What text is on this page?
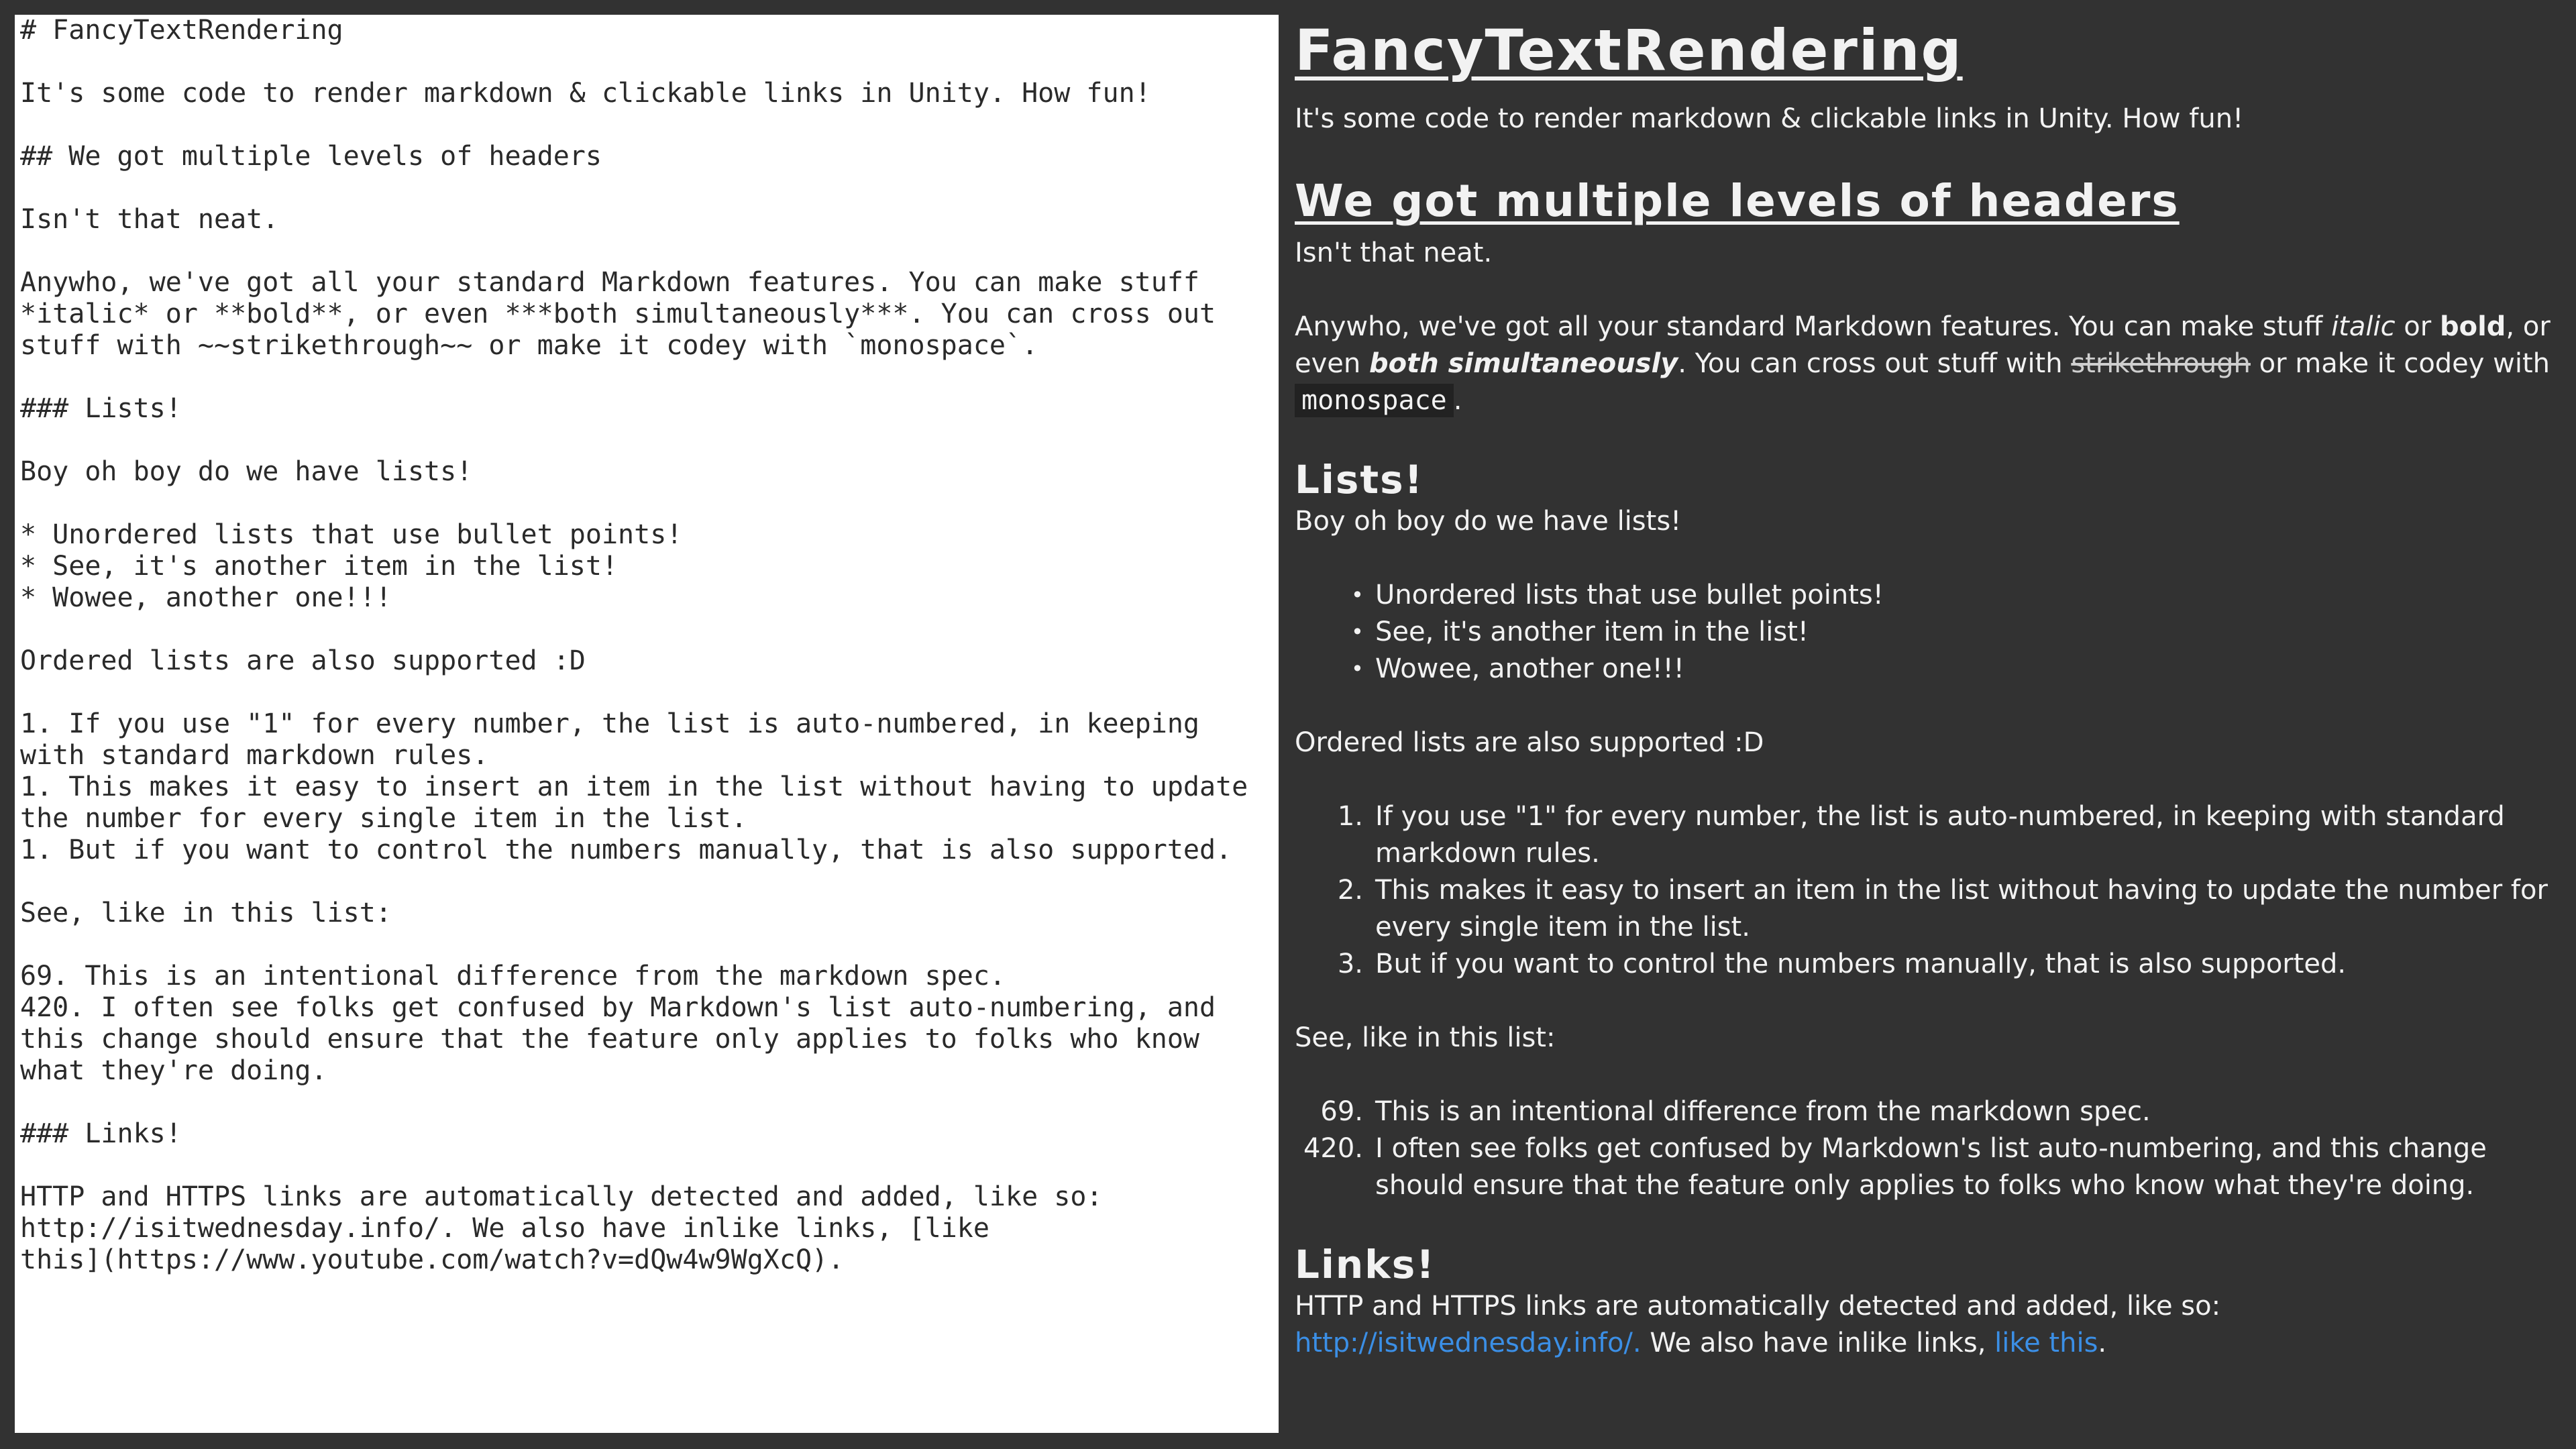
# FancyTextRendering

It's some code to render markdown & clickable links in Unity. How fun!

## We got multiple levels of headers

Isn't that neat.

Anywho, we've got all your standard Markdown features. You can make stuff
*italic* or **bold**, or even ***both simultaneously***. You can cross out
stuff with ~~strikethrough~~ or make it codey with `monospace`.

### Lists!

Boy oh boy do we have lists!

* Unordered lists that use bullet points!
* See, it's another item in the list!
* Wowee, another one!!!

Ordered lists are also supported :D

1. If you use "1" for every number, the list is auto-numbered, in keeping
with standard markdown rules.
1. This makes it easy to insert an item in the list without having to update
the number for every single item in the list.
1. But if you want to control the numbers manually, that is also supported.

See, like in this list:

69. This is an intentional difference from the markdown spec.
420. I often see folks get confused by Markdown's list auto-numbering, and
this change should ensure that the feature only applies to folks who know
what they're doing.

### Links!

HTTP and HTTPS links are automatically detected and added, like so:
http://isitwednesday.info/. We also have inlike links, [like
this](https://www.youtube.com/watch?v=dQw4w9WgXcQ).
FancyTextRendering

It's some code to render markdown & clickable links in Unity. How fun!

We got multiple levels of headers

Isn't that neat.

Anywho, we've got all your standard Markdown features. You can make stuff italic or bold, or even both simultaneously. You can cross out stuff with strikethrough or make it codey with monospace .

Lists!

Boy oh boy do we have lists!

• Unordered lists that use bullet points!
• See, it's another item in the list!
• Wowee, another one!!!

Ordered lists are also supported :D

1. If you use "1" for every number, the list is auto-numbered, in keeping with standard markdown rules.
2. This makes it easy to insert an item in the list without having to update the number for every single item in the list.
3. But if you want to control the numbers manually, that is also supported.

See, like in this list:

69. This is an intentional difference from the markdown spec.
420. I often see folks get confused by Markdown's list auto-numbering, and this change should ensure that the feature only applies to folks who know what they're doing.
Links!

HTTP and HTTPS links are automatically detected and added, like so: http://isitwednesday.info/. We also have inlike links, like this.
